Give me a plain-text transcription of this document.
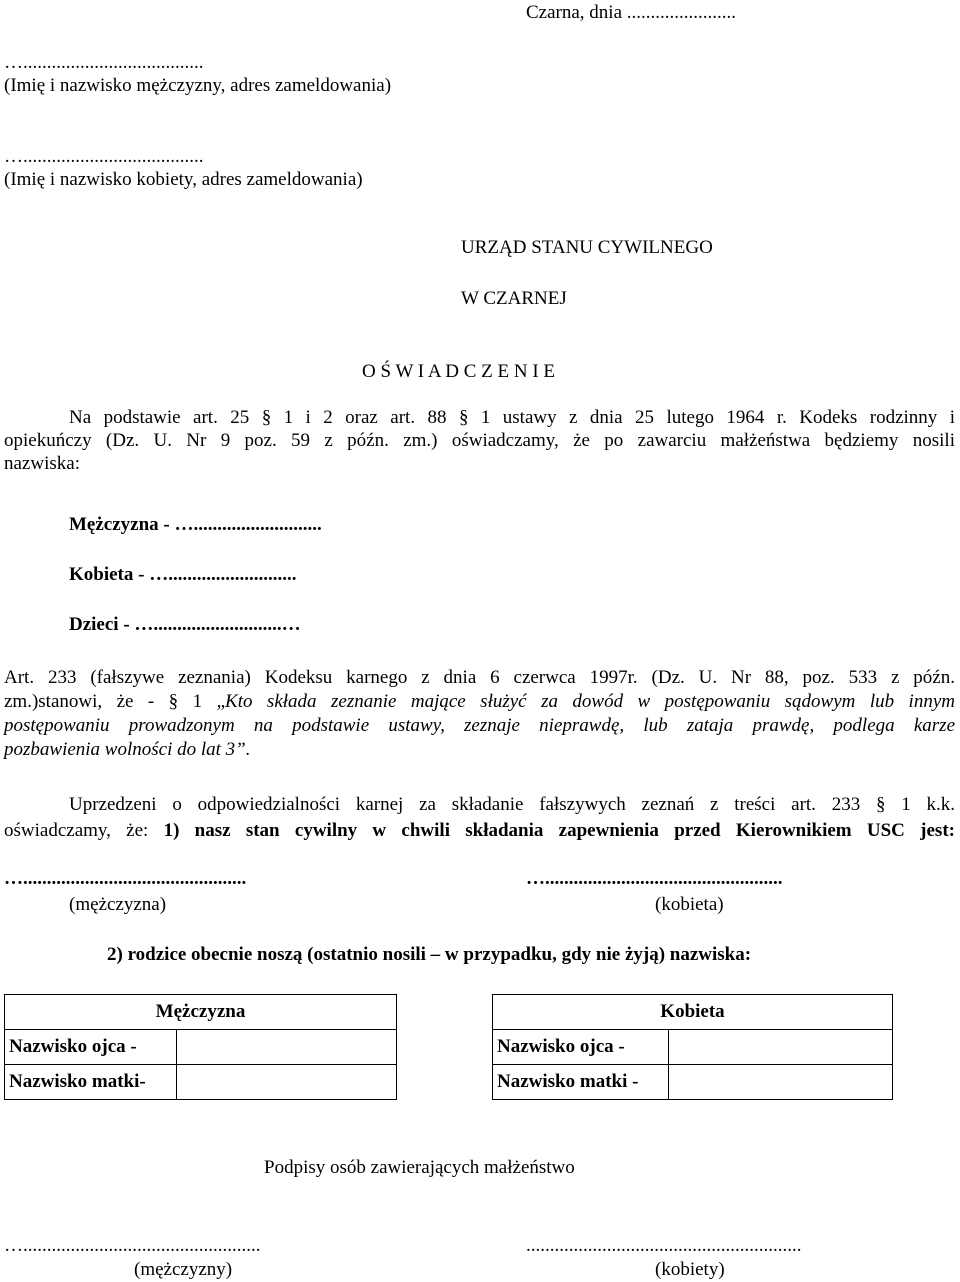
Czarna, dnia .......................
…......................................
(Imię i nazwisko mężczyzny, adres zameldowania)
…......................................
(Imię i nazwisko kobiety, adres zameldowania)
URZĄD STANU CYWILNEGO
W CZARNEJ
O Ś W I A D C Z E N I E
Na podstawie art. 25 § 1 i 2 oraz art. 88 § 1 ustawy z dnia 25 lutego 1964 r. Kodeks rodzinny i
opiekuńczy (Dz. U. Nr 9 poz. 59 z późn. zm.) oświadczamy, że po zawarciu małżeństwa będziemy nosili
nazwiska:
Mężczyzna - …...........................
Kobieta - …...........................
Dzieci - …...........................…
Art. 233 (fałszywe zeznania) Kodeksu karnego z dnia 6 czerwca 1997r. (Dz. U. Nr 88, poz. 533 z późn.
zm.)stanowi, że - § 1 „Kto składa zeznanie mające służyć za dowód w postępowaniu sądowym lub innym
postępowaniu prowadzonym na podstawie ustawy, zeznaje nieprawdę, lub zataja prawdę, podlega karze
pozbawienia wolności do lat 3”.
Uprzedzeni o odpowiedzialności karnej za składanie fałszywych zeznań z treści art. 233 § 1 k.k.
oświadczamy, że: 1) nasz stan cywilny w chwili składania zapewnienia przed Kierownikiem USC jest:
…...............................................	…..................................................
(mężczyzna)	(kobieta)
2) rodzice obecnie noszą (ostatnio nosili – w przypadku, gdy nie żyją) nazwiska:
Mężczyzna	
Nazwisko ojca -	
Nazwisko matki-	
Kobieta	
Nazwisko ojca -	
Nazwisko matki -	
Podpisy osób zawierających małżeństwo
…..................................................	..........................................................
(mężczyzny)	(kobiety)
